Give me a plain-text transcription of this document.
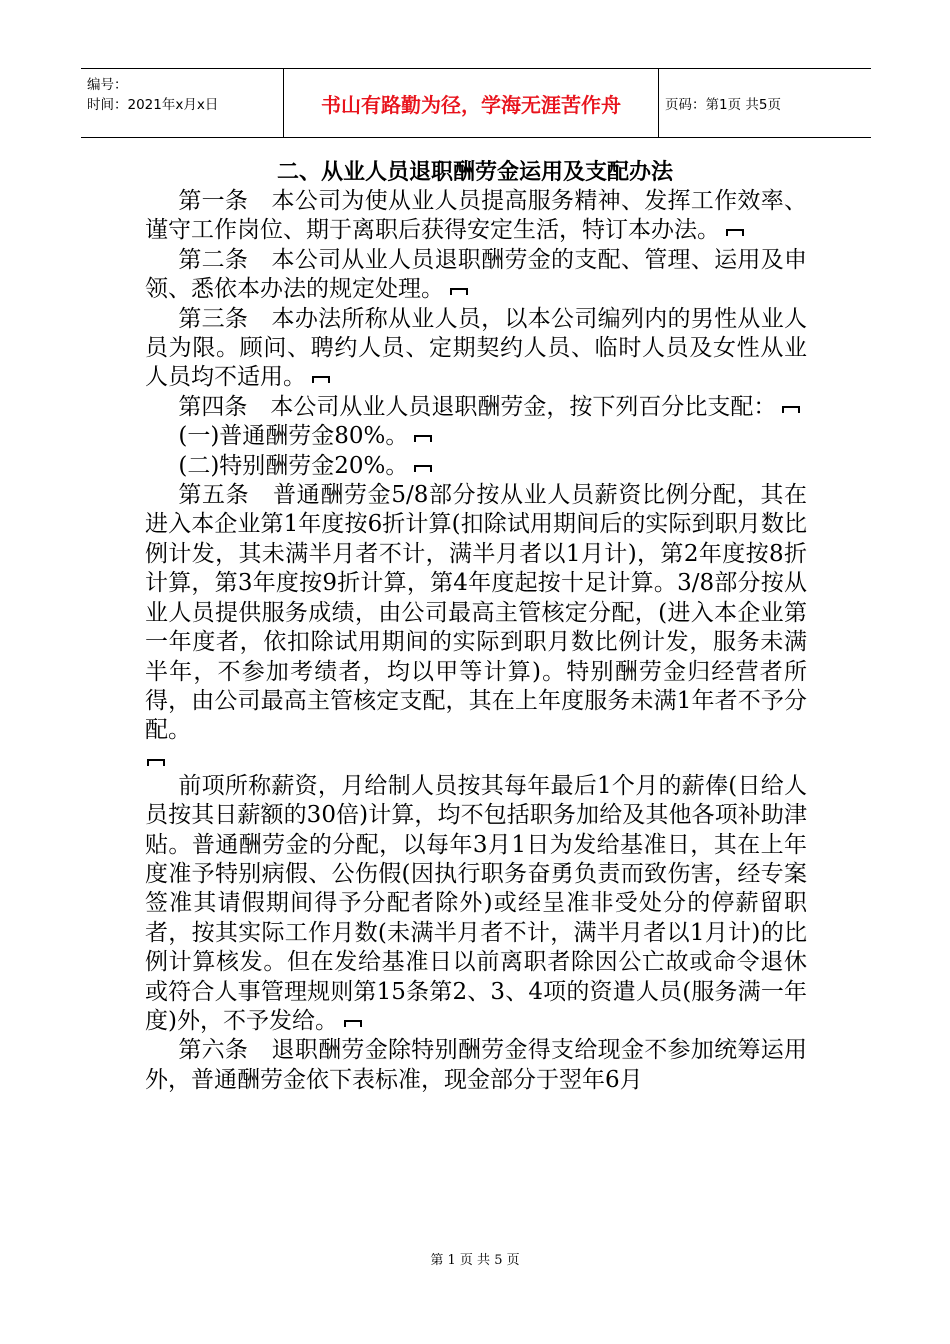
编号：
时间：2021年x月x日	书山有路勤为径，学海无涯苦作舟	页码：第1页 共5页
二、从业人员退职酬劳金运用及支配办法

第一条　本公司为使从业人员提高服务精神、发挥工作效率、谨守工作岗位、期于离职后获得安定生活，特订本办法。

第二条　本公司从业人员退职酬劳金的支配、管理、运用及申领、悉依本办法的规定处理。

第三条　本办法所称从业人员，以本公司编列内的男性从业人员为限。顾问、聘约人员、定期契约人员、临时人员及女性从业人员均不适用。

第四条　本公司从业人员退职酬劳金，按下列百分比支配：

(一)普通酬劳金80%。

(二)特别酬劳金20%。

第五条　普通酬劳金5/8部分按从业人员薪资比例分配，其在进入本企业第1年度按6折计算(扣除试用期间后的实际到职月数比例计发，其未满半月者不计，满半月者以1月计)，第2年度按8折计算，第3年度按9折计算，第4年度起按十足计算。3/8部分按从业人员提供服务成绩，由公司最高主管核定分配，(进入本企业第一年度者，依扣除试用期间的实际到职月数比例计发，服务未满半年，不参加考绩者，均以甲等计算)。特别酬劳金归经营者所得，由公司最高主管核定支配，其在上年度服务未满1年者不予分配。

前项所称薪资，月给制人员按其每年最后1个月的薪俸(日给人员按其日薪额的30倍)计算，均不包括职务加给及其他各项补助津贴。普通酬劳金的分配，以每年3月1日为发给基准日，其在上年度准予特别病假、公伤假(因执行职务奋勇负责而致伤害，经专案签准其请假期间得予分配者除外)或经呈准非受处分的停薪留职者，按其实际工作月数(未满半月者不计，满半月者以1月计)的比例计算核发。但在发给基准日以前离职者除因公亡故或命令退休或符合人事管理规则第15条第2、3、4项的资遣人员(服务满一年度)外，不予发给。

第六条　退职酬劳金除特别酬劳金得支给现金不参加统筹运用外，普通酬劳金依下表标准，现金部分于翌年6月

第 1 页 共 5 页
